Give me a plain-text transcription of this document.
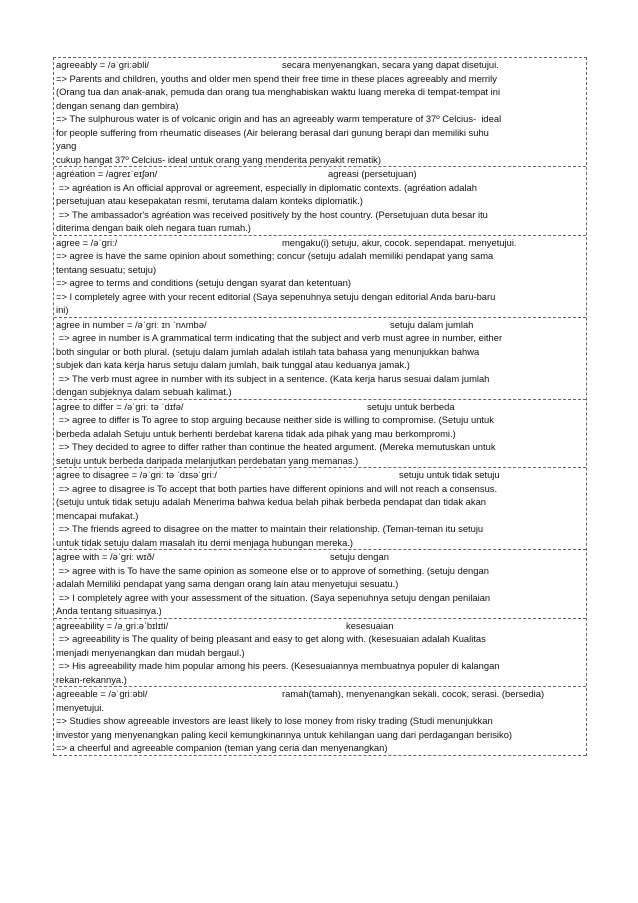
agreeably = /əˈɡriːəbli/	secara menyenangkan, secara yang dapat disetujui.
=> Parents and children, youths and older men spend their free time in these places agreeably and merrily
(Orang tua dan anak-anak, pemuda dan orang tua menghabiskan waktu luang mereka di tempat-tempat ini
dengan senang dan gembira)
=> The sulphurous water is of volcanic origin and has an agreeably warm temperature of 37º Celcius-  ideal
for people suffering from rheumatic diseases (Air belerang berasal dari gunung berapi dan memiliki suhu
yang
cukup hangat 37º Celcius- ideal untuk orang yang menderita penyakit rematik)
agréation = /agreɪˈeɪʃən/	agreasi (persetujuan)
=> agréation is An official approval or agreement, especially in diplomatic contexts. (agréation adalah
persetujuan atau kesepakatan resmi, terutama dalam konteks diplomatik.)
=> The ambassador's agréation was received positively by the host country. (Persetujuan duta besar itu
diterima dengan baik oleh negara tuan rumah.)
agree = /əˈɡriː/	mengaku(i) setuju, akur, cocok. sependapat. menyetujui.
=> agree is have the same opinion about something; concur (setuju adalah memiliki pendapat yang sama
tentang sesuatu; setuju)
=> agree to terms and conditions (setuju dengan syarat dan ketentuan)
=> I completely agree with your recent editorial (Saya sepenuhnya setuju dengan editorial Anda baru-baru
ini)
agree in number = /əˈɡriː ɪn ˈnʌmbə/	setuju dalam jumlah
=> agree in number is A grammatical term indicating that the subject and verb must agree in number, either
both singular or both plural. (setuju dalam jumlah adalah istilah tata bahasa yang menunjukkan bahwa
subjek dan kata kerja harus setuju dalam jumlah, baik tunggal atau keduanya jamak.)
=> The verb must agree in number with its subject in a sentence. (Kata kerja harus sesuai dalam jumlah
dengan subjeknya dalam sebuah kalimat.)
agree to differ = /əˈɡriː tə ˈdɪfə/	setuju untuk berbeda
=> agree to differ is To agree to stop arguing because neither side is willing to compromise. (Setuju untuk
berbeda adalah Setuju untuk berhenti berdebat karena tidak ada pihak yang mau berkompromi.)
=> They decided to agree to differ rather than continue the heated argument. (Mereka memutuskan untuk
setuju untuk berbeda daripada melanjutkan perdebatan yang memanas.)
agree to disagree = /əˈɡriː tə ˈdɪsəˈɡriː/	setuju untuk tidak setuju
=> agree to disagree is To accept that both parties have different opinions and will not reach a consensus.
(setuju untuk tidak setuju adalah Menerima bahwa kedua belah pihak berbeda pendapat dan tidak akan
mencapai mufakat.)
=> The friends agreed to disagree on the matter to maintain their relationship. (Teman-teman itu setuju
untuk tidak setuju dalam masalah itu demi menjaga hubungan mereka.)
agree with = /əˈɡriː wɪð/	setuju dengan
=> agree with is To have the same opinion as someone else or to approve of something. (setuju dengan
adalah Memiliki pendapat yang sama dengan orang lain atau menyetujui sesuatu.)
=> I completely agree with your assessment of the situation. (Saya sepenuhnya setuju dengan penilaian
Anda tentang situasinya.)
agreeability = /əˌɡriːəˈbɪlɪti/	kesesuaian
=> agreeability is The quality of being pleasant and easy to get along with. (kesesuaian adalah Kualitas
menjadi menyenangkan dan mudah bergaul.)
=> His agreeability made him popular among his peers. (Kesesuaiannya membuatnya populer di kalangan
rekan-rekannya.)
agreeable = /əˈɡriːəbl/	ramah(tamah), menyenangkan sekali. cocok, serasi. (bersedia)
menyetujui.
=> Studies show agreeable investors are least likely to lose money from risky trading (Studi menunjukkan
investor yang menyenangkan paling kecil kemungkinannya untuk kehilangan uang dari perdagangan berisiko)
=> a cheerful and agreeable companion (teman yang ceria dan menyenangkan)
